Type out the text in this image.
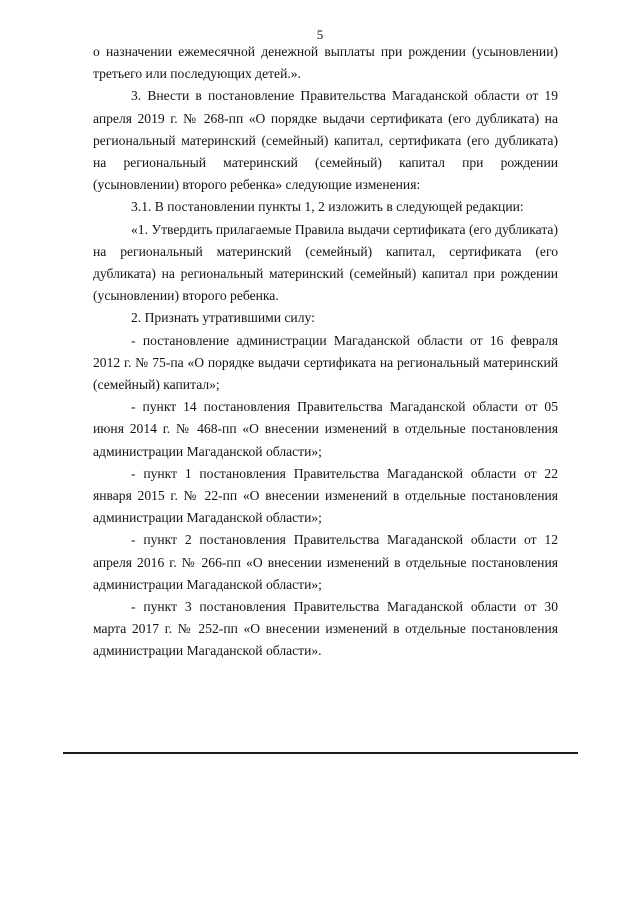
5

о назначении ежемесячной денежной выплаты при рождении (усыновлении) третьего или последующих детей.».

3. Внести в постановление Правительства Магаданской области от 19 апреля 2019 г. № 268-пп «О порядке выдачи сертификата (его дубликата) на региональный материнский (семейный) капитал, сертификата (его дубликата) на региональный материнский (семейный) капитал при рождении (усыновлении) второго ребенка» следующие изменения:

3.1. В постановлении пункты 1, 2 изложить в следующей редакции:

«1. Утвердить прилагаемые Правила выдачи сертификата (его дубликата) на региональный материнский (семейный) капитал, сертификата (его дубликата) на региональный материнский (семейный) капитал при рождении (усыновлении) второго ребенка.

2. Признать утратившими силу:

- постановление администрации Магаданской области от 16 февраля 2012 г. № 75-па «О порядке выдачи сертификата на региональный материнский (семейный) капитал»;

- пункт 14 постановления Правительства Магаданской области от 05 июня 2014 г. № 468-пп «О внесении изменений в отдельные постановления администрации Магаданской области»;

- пункт 1 постановления Правительства Магаданской области от 22 января 2015 г. № 22-пп «О внесении изменений в отдельные постановления администрации Магаданской области»;

- пункт 2 постановления Правительства Магаданской области от 12 апреля 2016 г. № 266-пп «О внесении изменений в отдельные постановления администрации Магаданской области»;

- пункт 3 постановления Правительства Магаданской области от 30 марта 2017 г. № 252-пп «О внесении изменений в отдельные постановления администрации Магаданской области».
